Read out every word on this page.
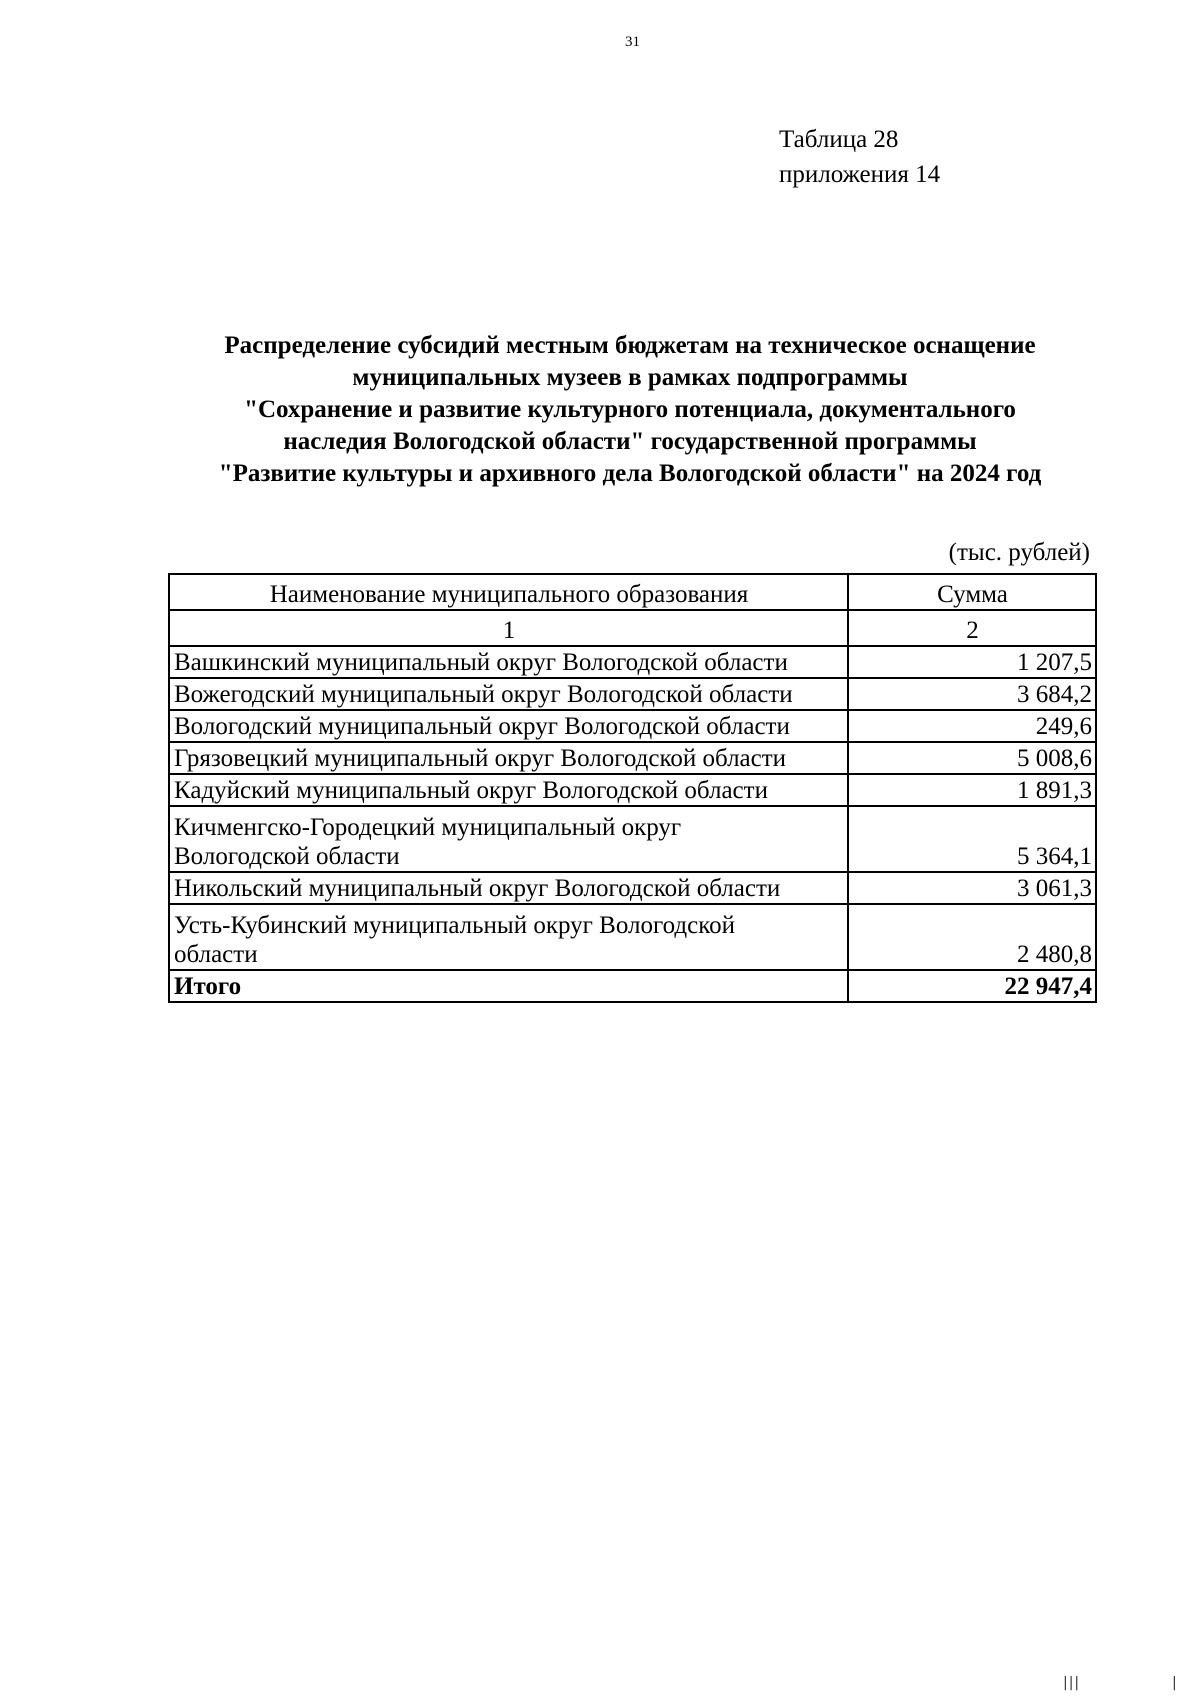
31
Таблица 28
приложения 14
Распределение субсидий местным бюджетам на техническое оснащение
муниципальных музеев в рамках подпрограммы
"Сохранение и развитие культурного потенциала, документального
наследия Вологодской области" государственной программы
"Развитие культуры и архивного дела Вологодской области" на 2024 год
(тыс. рублей)
Наименование муниципального образования	Сумма
1	2
Вашкинский муниципальный округ Вологодской области	1 207,5
Вожегодский муниципальный округ Вологодской области	3 684,2
Вологодский муниципальный округ Вологодской области	249,6
Грязовецкий муниципальный округ Вологодской области	5 008,6
Кадуйский муниципальный округ Вологодской области	1 891,3
Кичменгско-Городецкий муниципальный округ
Вологодской области	5 364,1
Никольский муниципальный округ Вологодской области	3 061,3
Усть-Кубинский муниципальный округ Вологодской
области	2 480,8
Итого	22 947,4
|||	|
